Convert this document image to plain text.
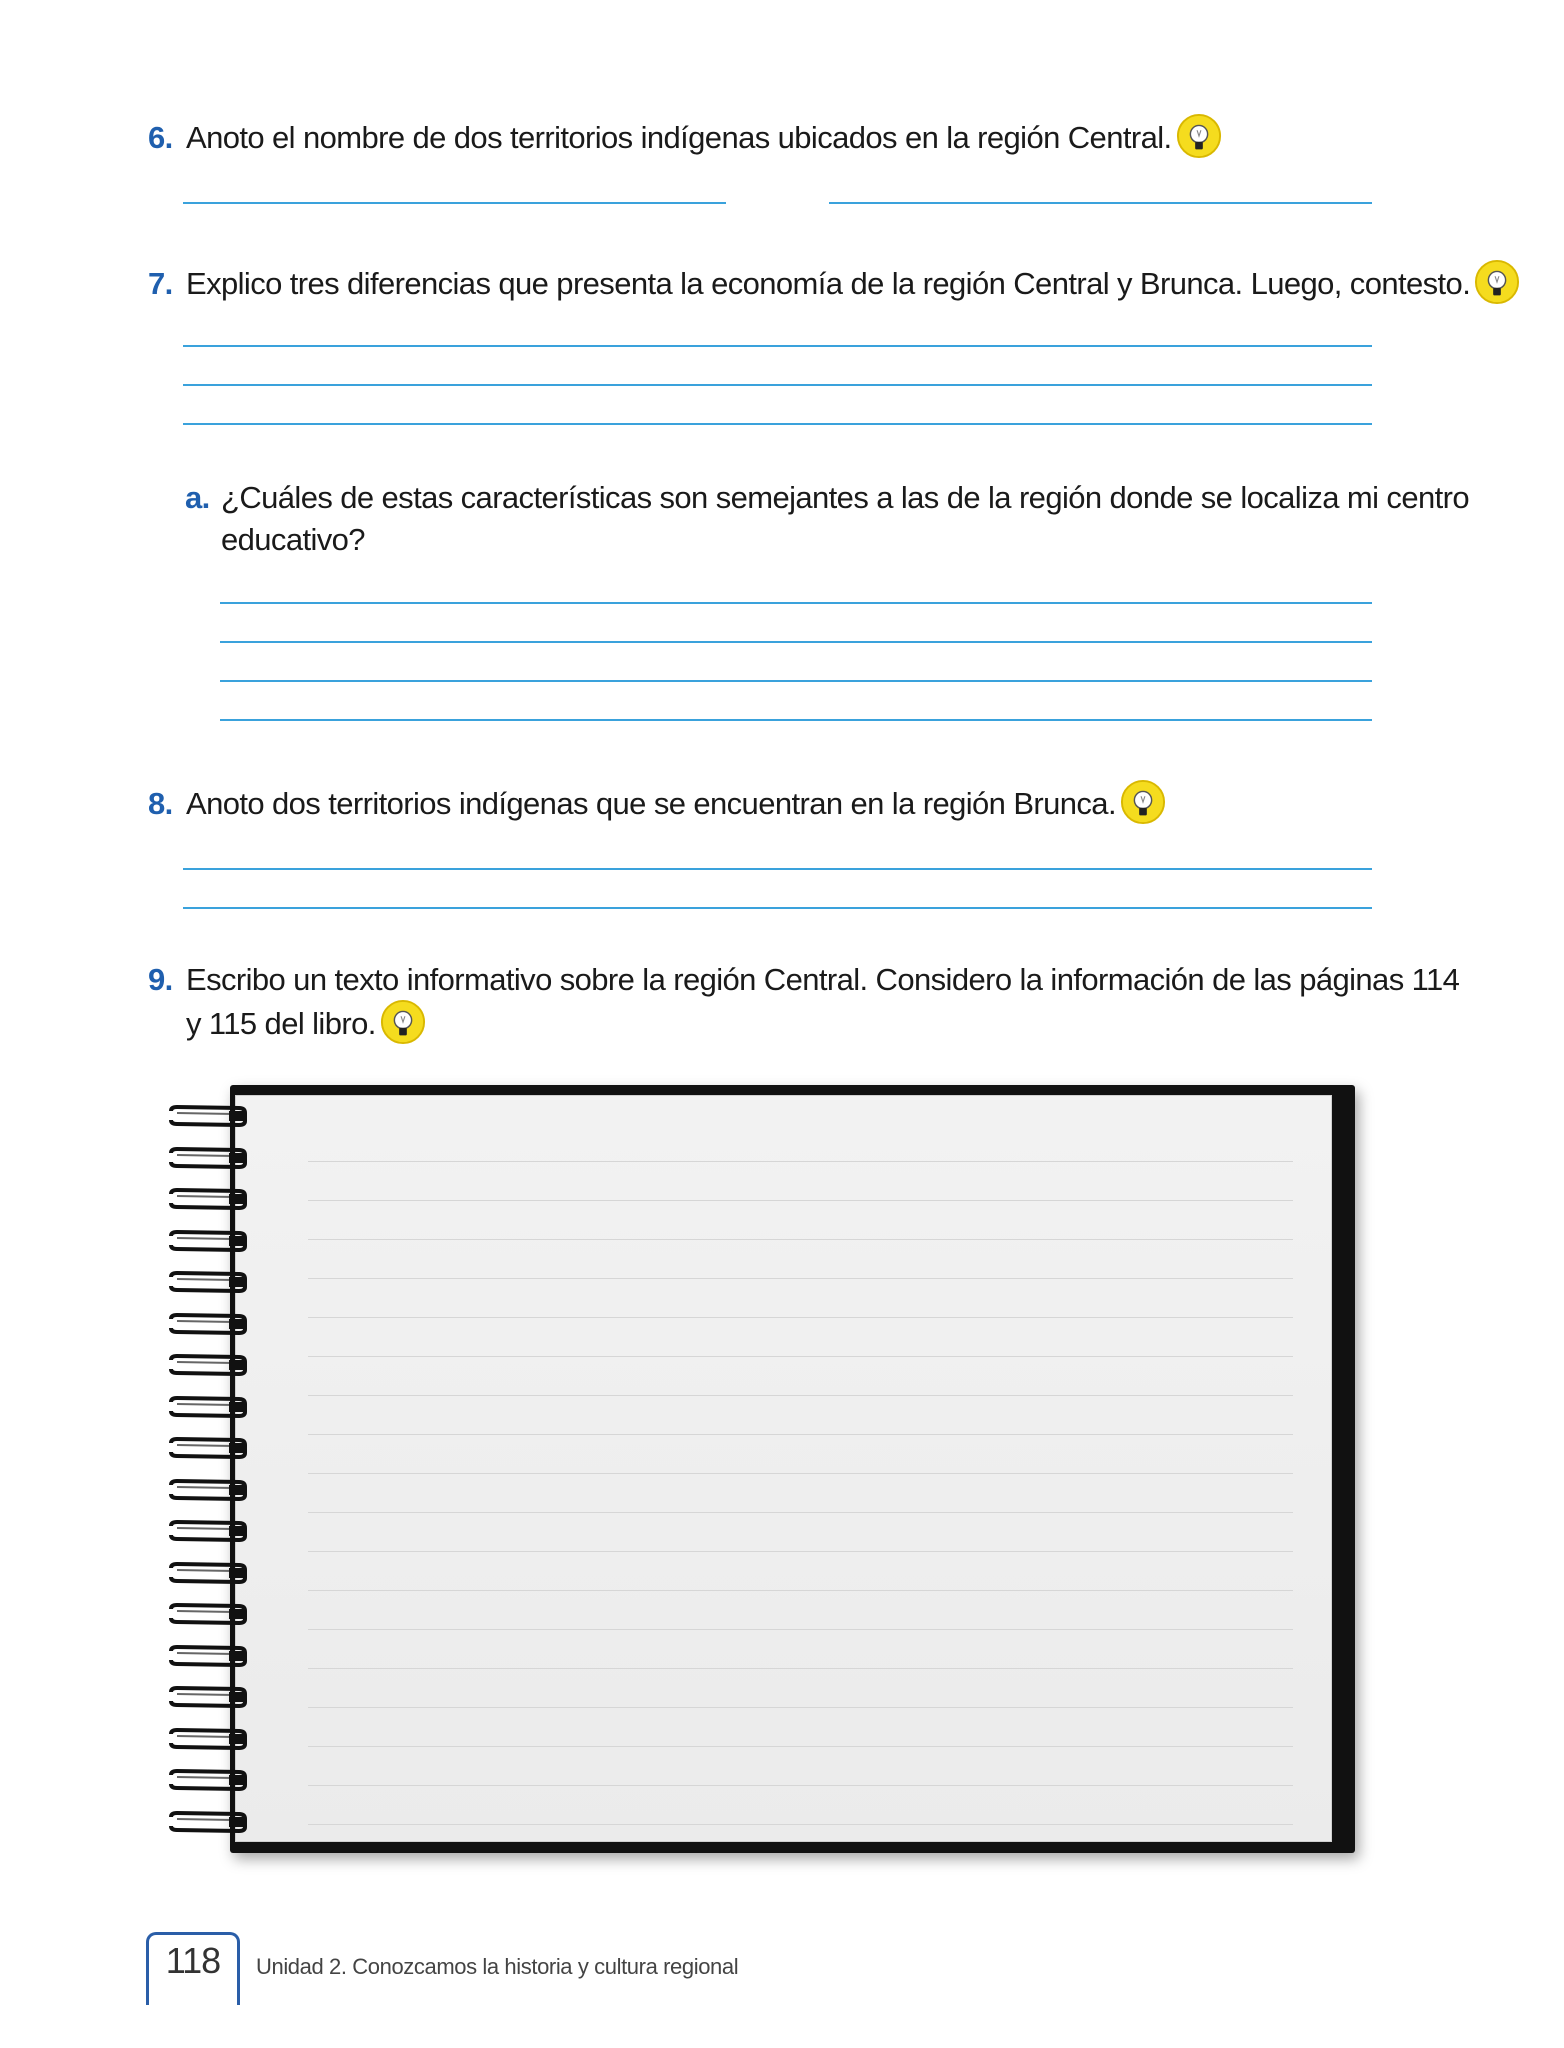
6. Anoto el nombre de dos territorios indígenas ubicados en la región Central.
7. Explico tres diferencias que presenta la economía de la región Central y Brunca. Luego, contesto.
a. ¿Cuáles de estas características son semejantes a las de la región donde se localiza mi centro
educativo?
8. Anoto dos territorios indígenas que se encuentran en la región Brunca.
9. Escribo un texto informativo sobre la región Central. Considero la información de las páginas 114
y 115 del libro.
118	Unidad 2. Conozcamos la historia y cultura regional
